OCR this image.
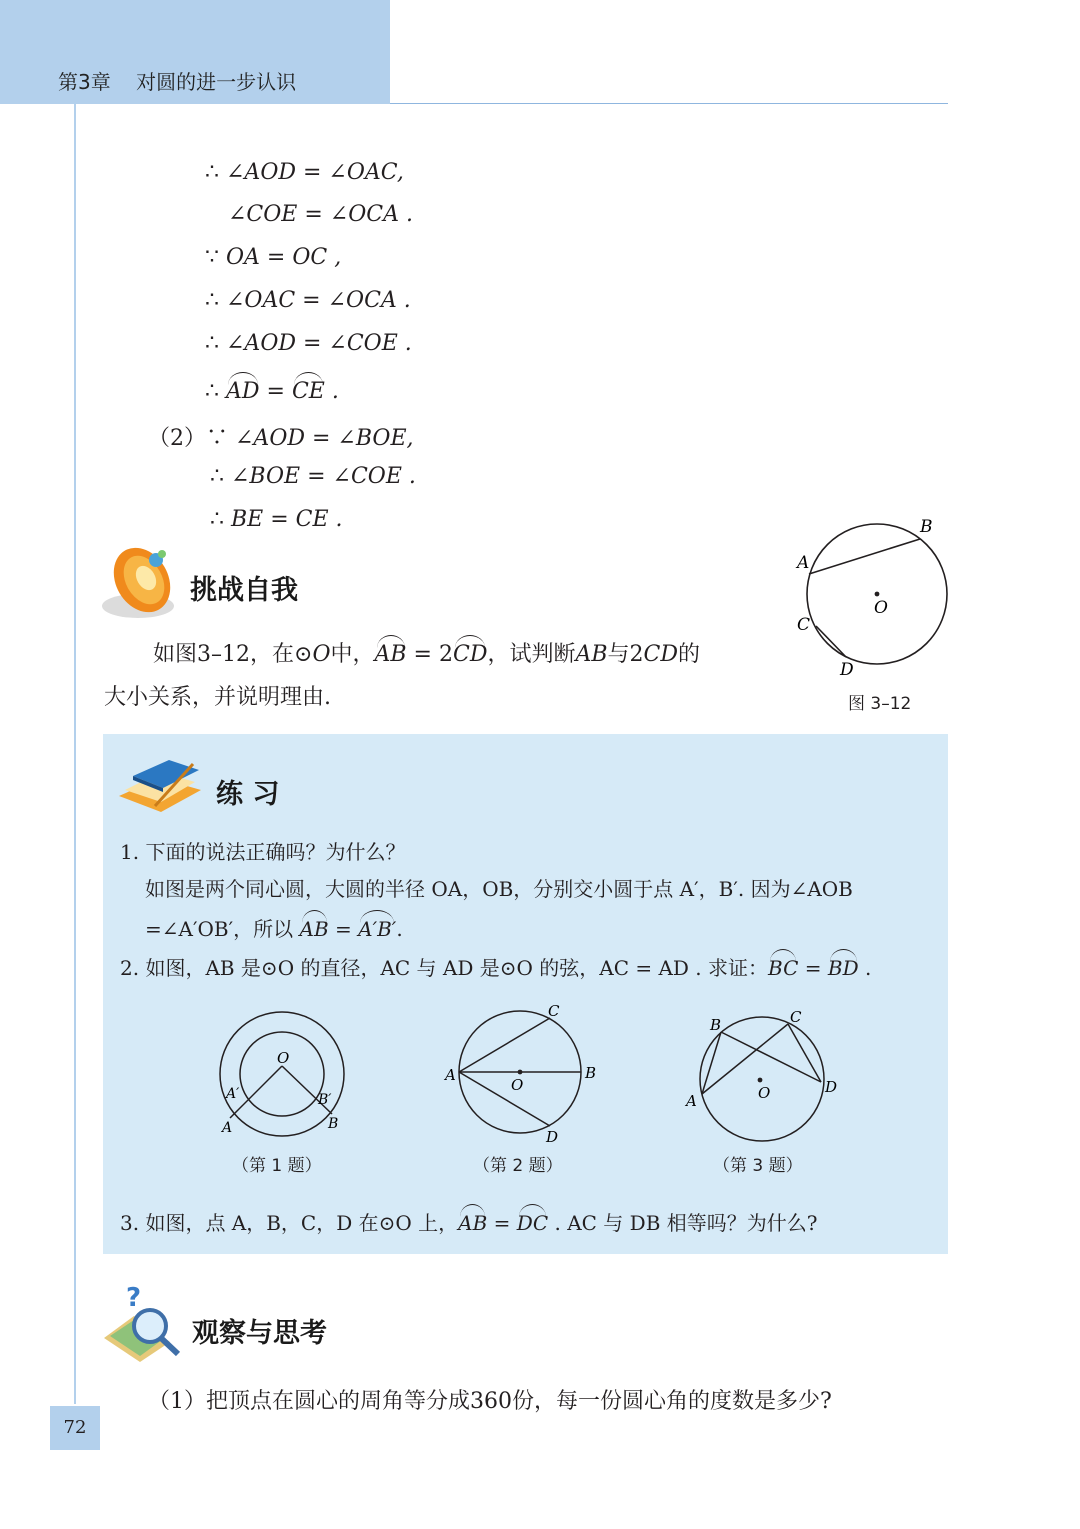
第3章    对圆的进一步认识
∴ ∠AOD = ∠OAC,
∠COE = ∠OCA .
∵ OA = OC ,
∴ ∠OAC = ∠OCA .
∴ ∠AOD = ∠COE .
∴ AD = CE .
（2）∵ ∠AOD = ∠BOE,
∴ ∠BOE = ∠COE .
∴ BE = CE .
挑战自我
如图3–12，在⊙O中，AB = 2CD，试判断AB与2CD的
大小关系，并说明理由.
A
B
C
D
O
图 3–12
练 习
1. 下面的说法正确吗？为什么？
如图是两个同心圆，大圆的半径 OA，OB，分别交小圆于点 A′，B′. 因为∠AOB
=∠A′OB′，所以 AB = A′B′.
2. 如图，AB 是⊙O 的直径，AC 与 AD 是⊙O 的弦，AC = AD . 求证：BC = BD .
O
A′	B′
A	B
（第 1 题）
A	B
C
D
O
（第 2 题）
A
B	C
D
O
（第 3 题）
3. 如图，点 A，B，C，D 在⊙O 上，AB = DC . AC 与 DB 相等吗？为什么?
?
观察与思考
（1）把顶点在圆心的周角等分成360份，每一份圆心角的度数是多少?
72
